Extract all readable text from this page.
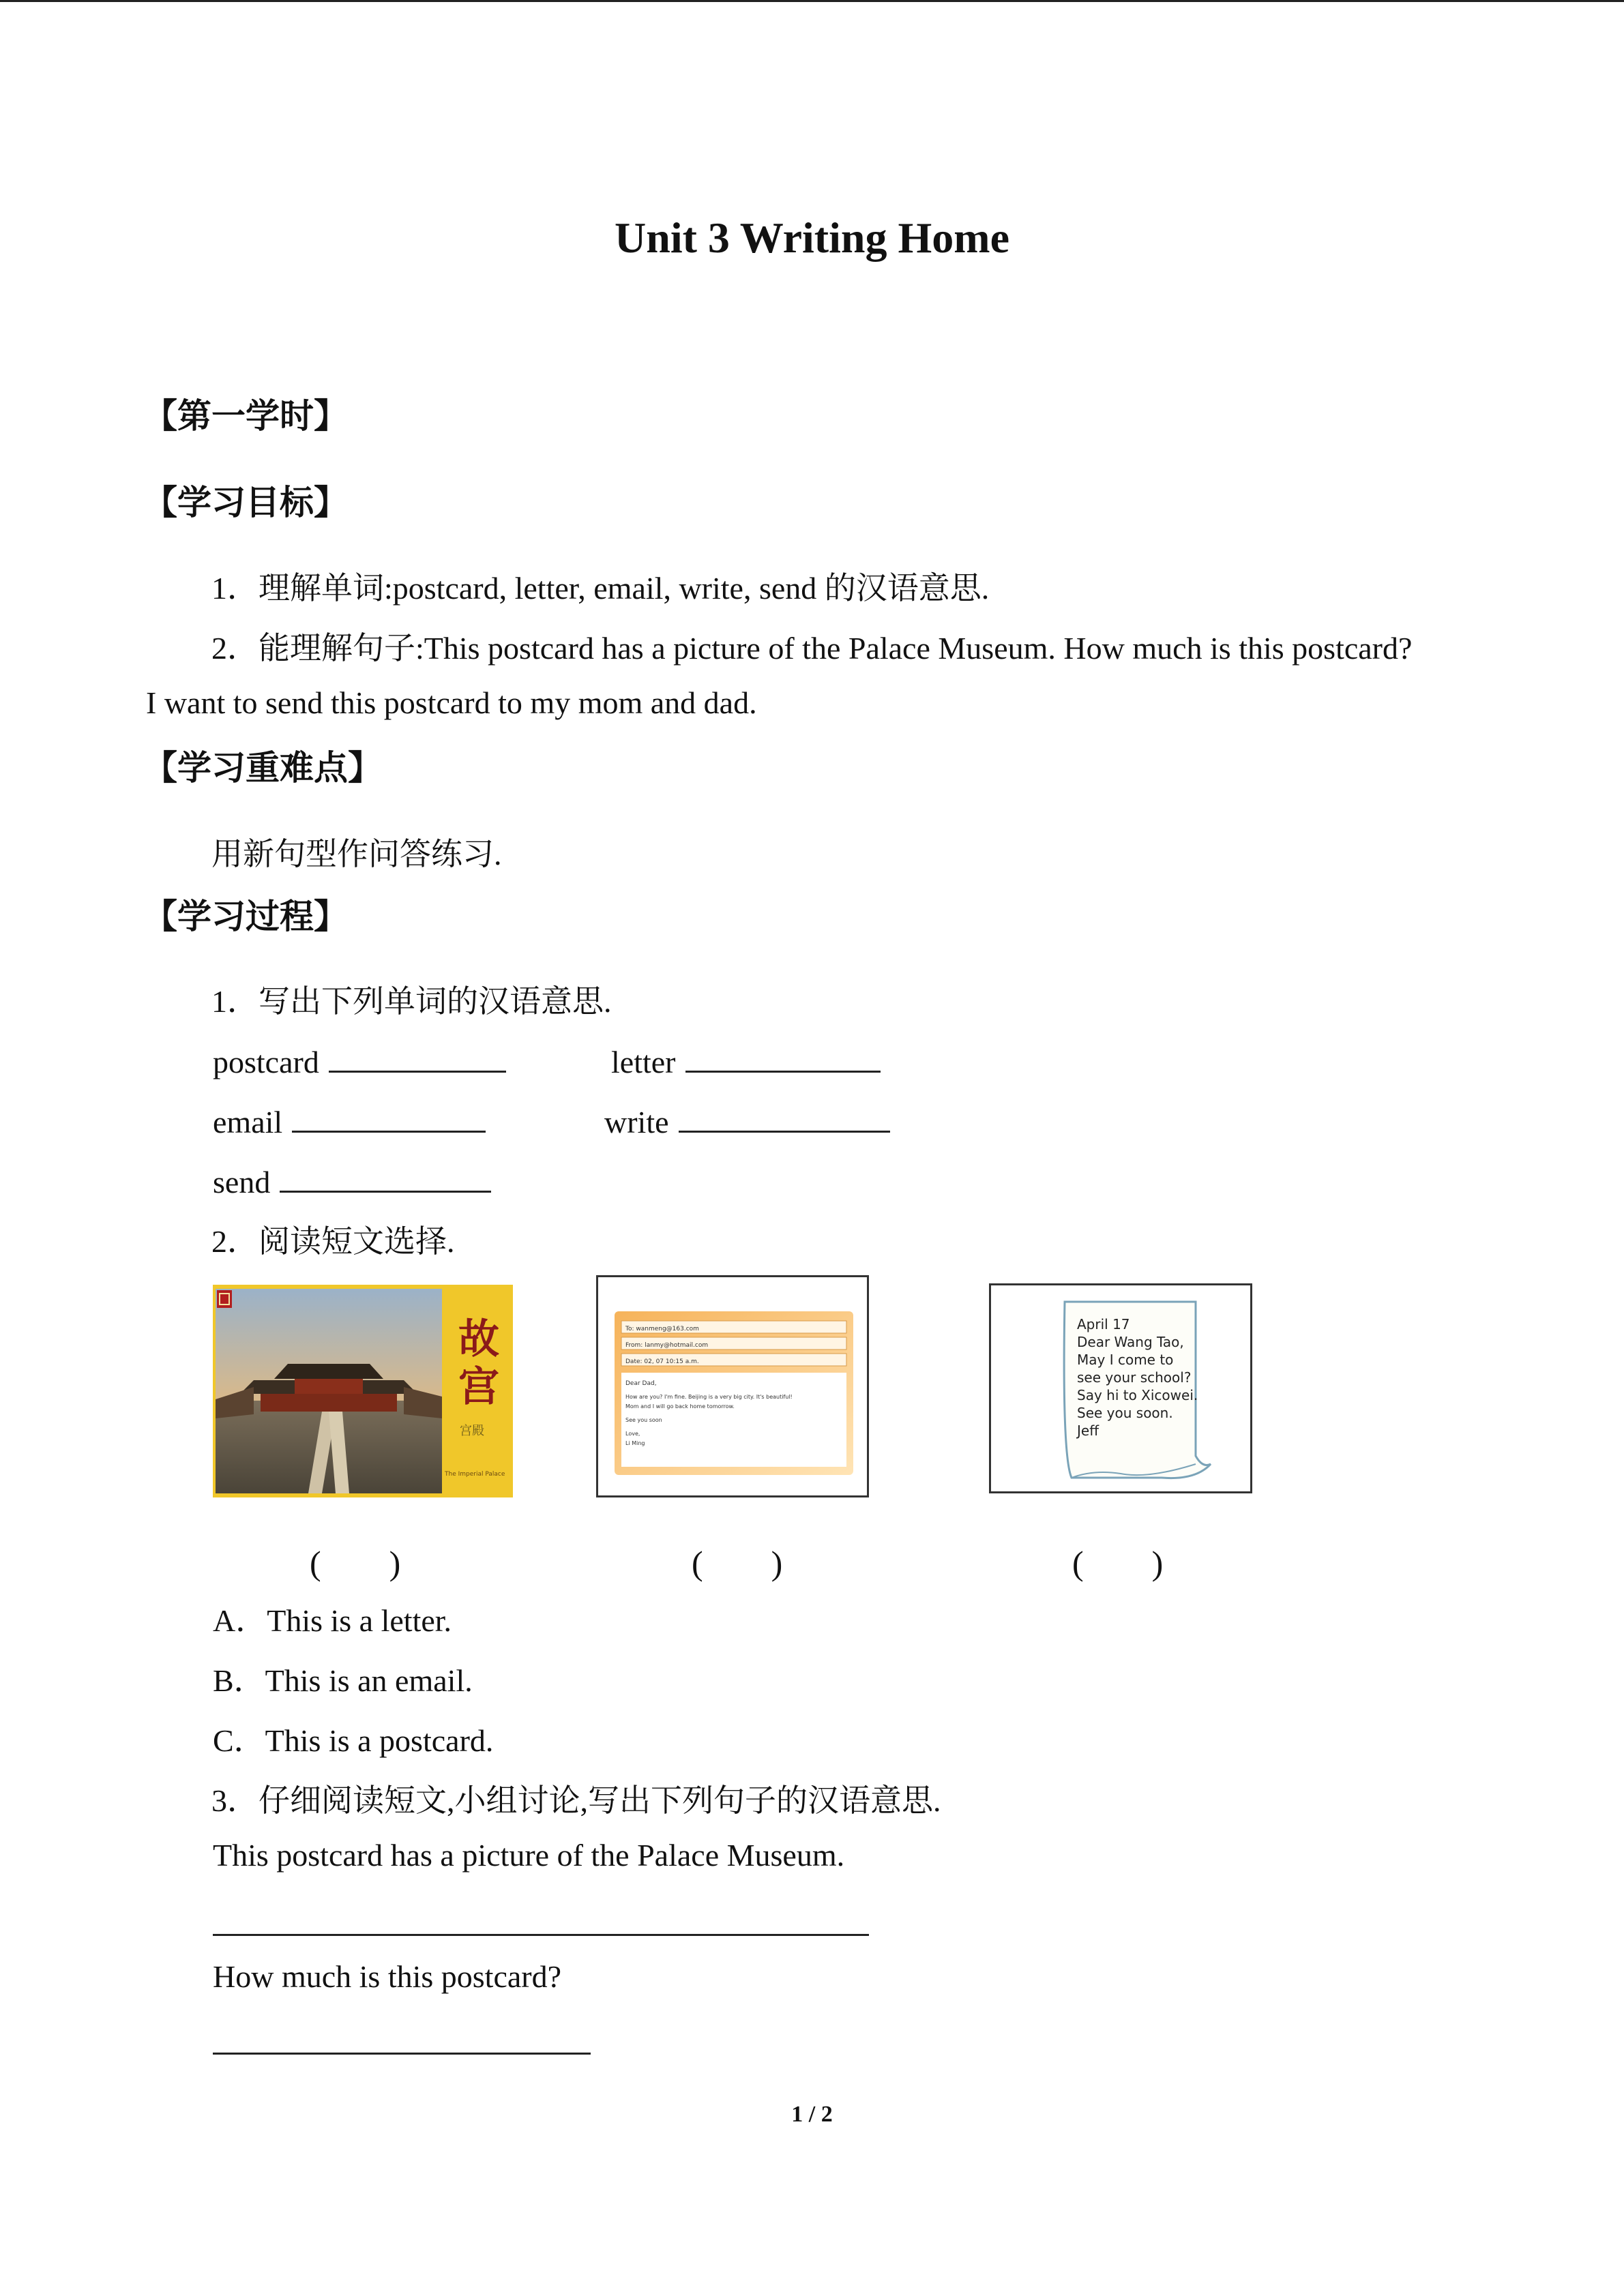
Unit 3 Writing Home
【第一学时】
【学习目标】
1．理解单词:postcard, letter, email, write, send 的汉语意思.
2．能理解句子:This postcard has a picture of the Palace Museum. How much is this postcard?
I want to send this postcard to my mom and dad.
【学习重难点】
用新句型作问答练习.
【学习过程】
1．写出下列单词的汉语意思.
postcard	letter
email	write
send
2．阅读短文选择.
故
宫
宫殿
The Imperial Palace
To: wanmeng@163.com
From: lanmy@hotmail.com
Date: 02, 07 10:15 a.m.
Dear Dad,
How are you? I'm fine. Beijing is a very big city. It's beautiful!
Mom and I will go back home tomorrow.
See you soon
Love,
Li Ming
April 17
Dear Wang Tao,
May I come to
see your school?
Say hi to Xicowei.
See you soon.
Jeff
(　　)	(　　)	(　　)
A．This is a letter.
B．This is an email.
C．This is a postcard.
3．仔细阅读短文,小组讨论,写出下列句子的汉语意思.
This postcard has a picture of the Palace Museum.
How much is this postcard?
1 / 2
